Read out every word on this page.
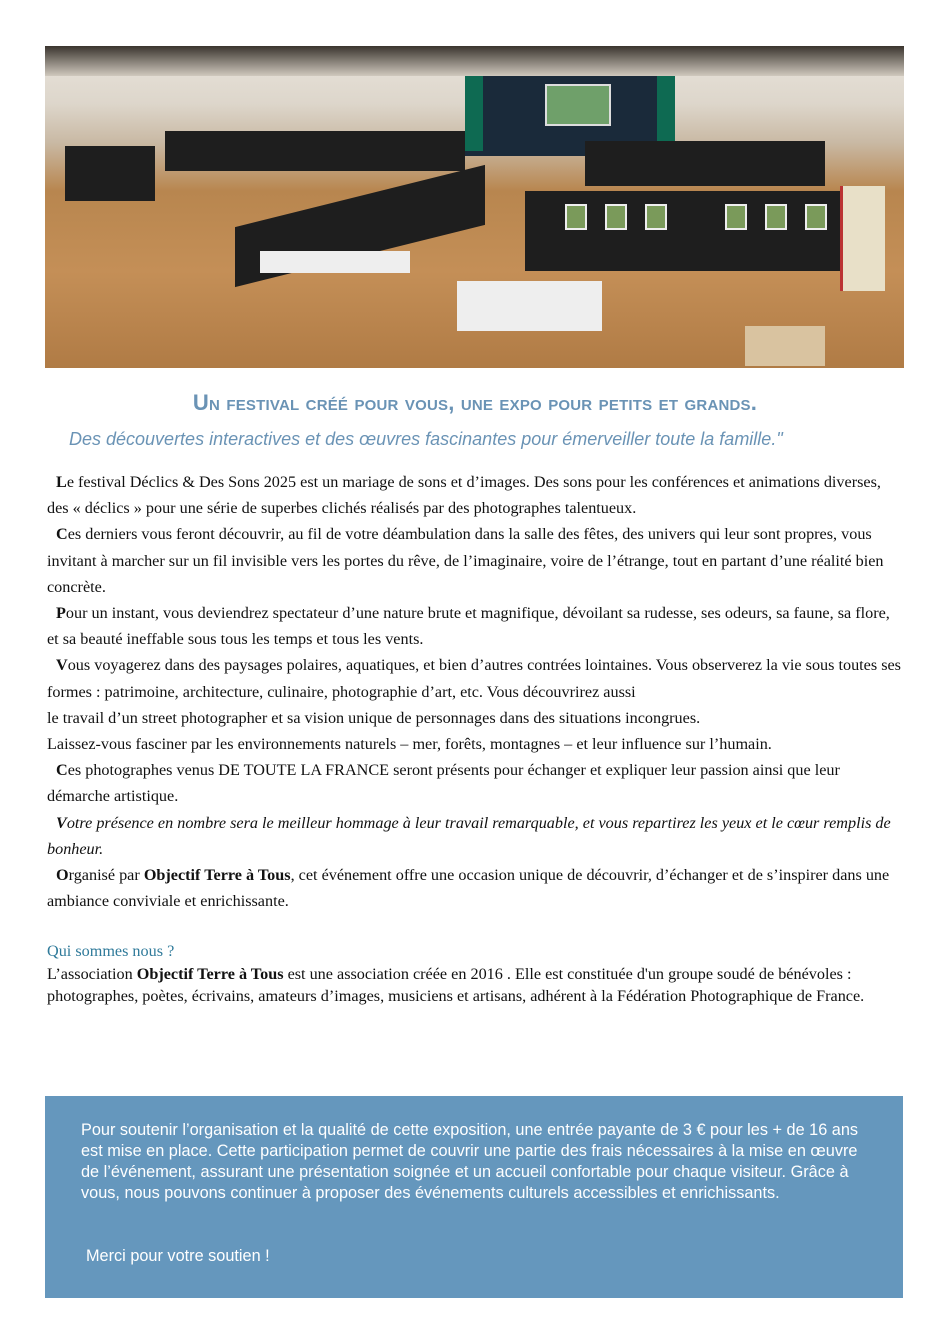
Un festival créé pour vous, une expo pour petits et grands.
Des découvertes interactives et des œuvres fascinantes pour émerveiller toute la famille."

Le festival Déclics & Des Sons 2025 est un mariage de sons et d’images. Des sons pour les conférences et animations diverses, des « déclics » pour une série de superbes clichés réalisés par des photographes talentueux.

Ces derniers vous feront découvrir, au fil de votre déambulation dans la salle des fêtes, des univers qui leur sont propres, vous invitant à marcher sur un fil invisible vers les portes du rêve, de l’imaginaire, voire de l’étrange, tout en partant d’une réalité bien concrète.

Pour un instant, vous deviendrez spectateur d’une nature brute et magnifique, dévoilant sa rudesse, ses odeurs, sa faune, sa flore, et sa beauté ineffable sous tous les temps et tous les vents.

Vous voyagerez dans des paysages polaires, aquatiques, et bien d’autres contrées lointaines. Vous observerez la vie sous toutes ses formes : patrimoine, architecture, culinaire, photographie d’art, etc. Vous découvrirez aussi
le travail d’un street photographer et sa vision unique de personnages dans des situations incongrues.
Laissez-vous fasciner par les environnements naturels – mer, forêts, montagnes – et leur influence sur l’humain.

Ces photographes venus DE TOUTE LA FRANCE seront présents pour échanger et expliquer leur passion ainsi que leur démarche artistique.

Votre présence en nombre sera le meilleur hommage à leur travail remarquable, et vous repartirez les yeux et le cœur remplis de bonheur.

Organisé par Objectif Terre à Tous, cet événement offre une occasion unique de découvrir, d’échanger et de s’inspirer dans une ambiance conviviale et enrichissante.

Qui sommes nous ?

L’association Objectif Terre à Tous est une association créée en 2016 . Elle est constituée d'un groupe soudé de bénévoles : photographes, poètes, écrivains, amateurs d’images, musiciens et artisans, adhérent à la Fédération Photographique de France.

Pour soutenir l’organisation et la qualité de cette exposition, une entrée payante de 3 € pour les + de 16 ans est mise en place. Cette participation permet de couvrir une partie des frais nécessaires à la mise en œuvre de l’événement, assurant une présentation soignée et un accueil confortable pour chaque visiteur. Grâce à vous, nous pouvons continuer à proposer des événements culturels accessibles et enrichissants.

Merci pour votre soutien !
